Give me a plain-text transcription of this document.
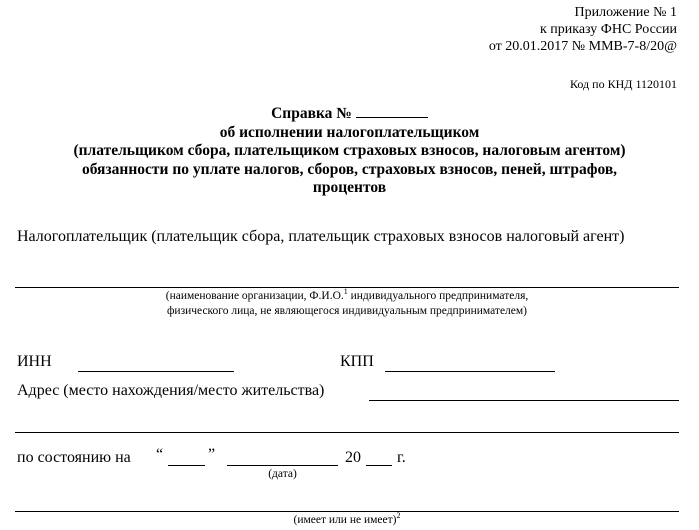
Приложение № 1
к приказу ФНС России
от 20.01.2017 № ММВ-7-8/20@
Код по КНД 1120101
Справка №
об исполнении налогоплательщиком
(плательщиком сбора, плательщиком страховых взносов, налоговым агентом)
обязанности по уплате налогов, сборов, страховых взносов, пеней, штрафов,
процентов
Налогоплательщик (плательщик сбора, плательщик страховых взносов налоговый агент)
(наименование организации, Ф.И.О.$^1$ индивидуального предпринимателя,
физического лица, не являющегося индивидуальным предпринимателем)
ИНН	КПП
Адрес (место нахождения/место жительства)
по состоянию на “	”	20 г.
(дата)
(имеет или не имеет)$^2$
